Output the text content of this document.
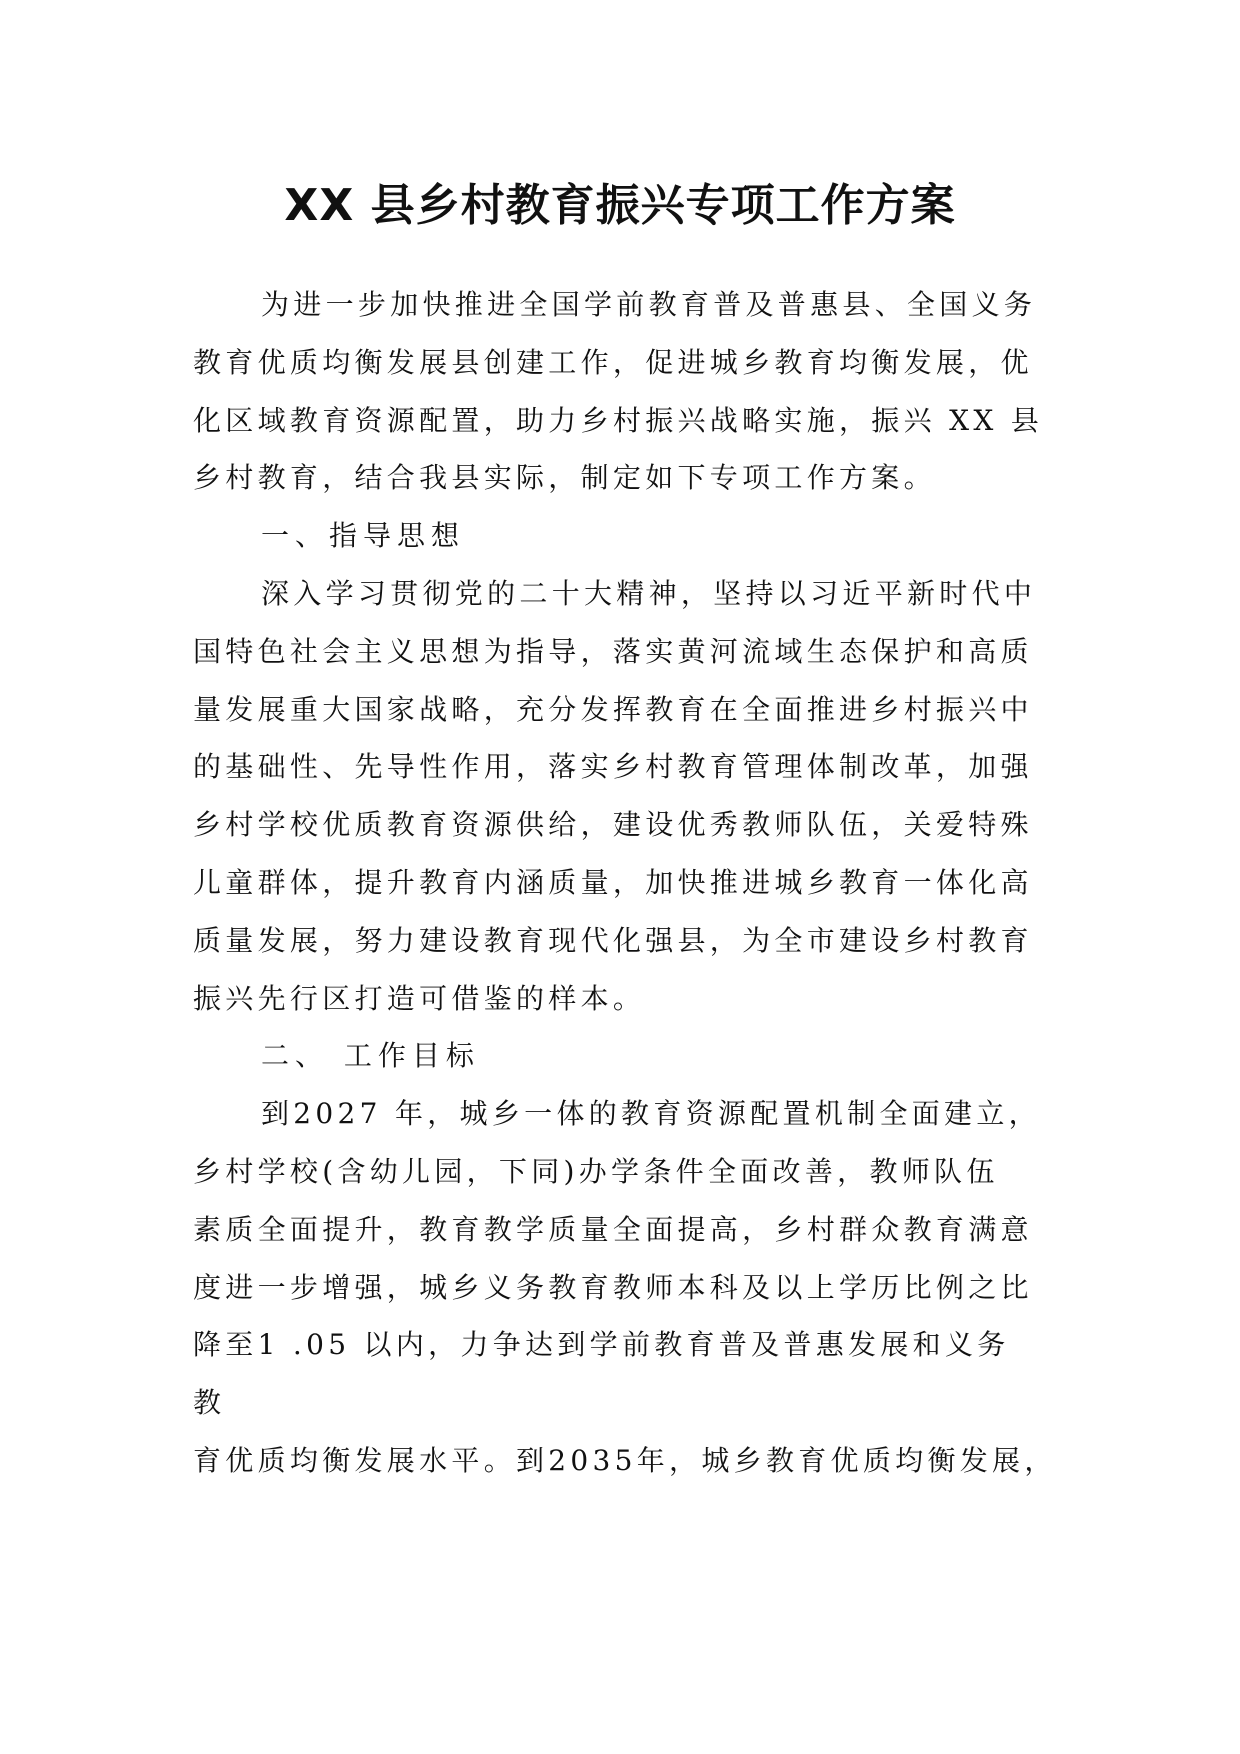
XX 县乡村教育振兴专项工作方案
为进一步加快推进全国学前教育普及普惠县、全国义务
教育优质均衡发展县创建工作，促进城乡教育均衡发展，优
化区域教育资源配置，助力乡村振兴战略实施，振兴 XX 县
乡村教育，结合我县实际，制定如下专项工作方案。
一、指导思想
深入学习贯彻党的二十大精神，坚持以习近平新时代中
国特色社会主义思想为指导，落实黄河流域生态保护和高质
量发展重大国家战略，充分发挥教育在全面推进乡村振兴中
的基础性、先导性作用，落实乡村教育管理体制改革，加强
乡村学校优质教育资源供给，建设优秀教师队伍，关爱特殊
儿童群体，提升教育内涵质量，加快推进城乡教育一体化高
质量发展，努力建设教育现代化强县，为全市建设乡村教育
振兴先行区打造可借鉴的样本。
二、 工作目标
到2027 年，城乡一体的教育资源配置机制全面建立，
乡村学校(含幼儿园，下同)办学条件全面改善，教师队伍
素质全面提升，教育教学质量全面提高，乡村群众教育满意
度进一步增强，城乡义务教育教师本科及以上学历比例之比
降至1 .05 以内，力争达到学前教育普及普惠发展和义务
教
育优质均衡发展水平。到2035年，城乡教育优质均衡发展，
